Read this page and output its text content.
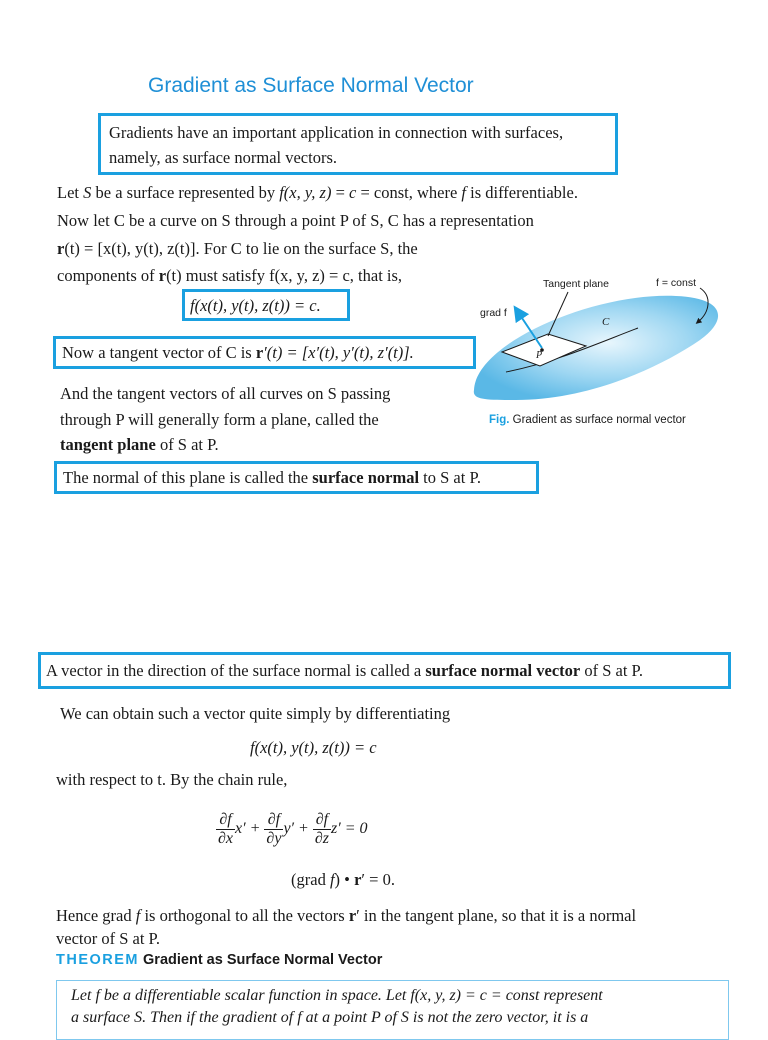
Gradient as Surface Normal Vector
Gradients have an important application in connection with surfaces,
namely, as surface normal vectors.
Let S be a surface represented by f(x, y, z) = c = const, where f is differentiable.
Now let C be a curve on S through a point P of S, C has a representation
r(t) = [x(t), y(t), z(t)]. For C to lie on the surface S, the
components of r(t) must satisfy f(x, y, z) = c, that is,
f(x(t), y(t), z(t)) = c.
Now a tangent vector of C is r′(t) = [x′(t), y′(t), z′(t)].
And the tangent vectors of all curves on S passing
through P will generally form a plane, called the
tangent plane of S at P.
The normal of this plane is called the surface normal to S at P.
Tangent plane	f = const
grad f
C
P
Fig. Gradient as surface normal vector
A vector in the direction of the surface normal is called a surface normal vector of S at P.
We can obtain such a vector quite simply by differentiating
f(x(t), y(t), z(t)) = c
with respect to t. By the chain rule,
$\frac{\partial f}{\partial x} x' + \frac{\partial f}{\partial y} y' + \frac{\partial f}{\partial z} z' = 0$
(grad f) • r′ = 0.
Hence grad f is orthogonal to all the vectors r′ in the tangent plane, so that it is a normal
vector of S at P.
THEOREM Gradient as Surface Normal Vector
Let f be a differentiable scalar function in space. Let f(x, y, z) = c = const represent
a surface S. Then if the gradient of f at a point P of S is not the zero vector, it is a
